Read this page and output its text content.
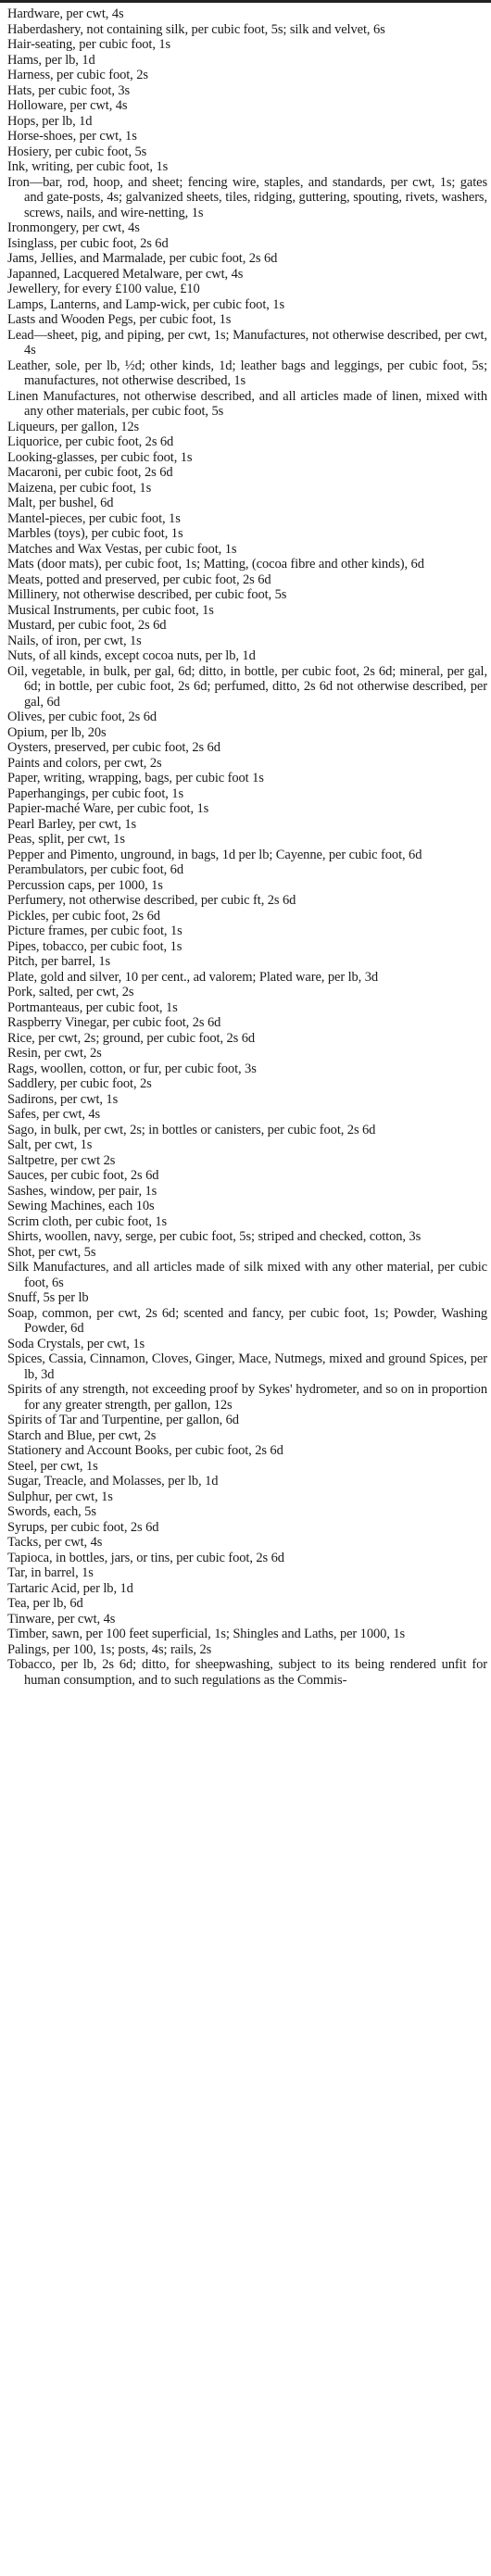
Hardware, per cwt, 4s
Haberdashery, not containing silk, per cubic foot, 5s; silk and velvet, 6s
Hair-seating, per cubic foot, 1s
Hams, per lb, 1d
Harness, per cubic foot, 2s
Hats, per cubic foot, 3s
Holloware, per cwt, 4s
Hops, per lb, 1d
Horse-shoes, per cwt, 1s
Hosiery, per cubic foot, 5s
Ink, writing, per cubic foot, 1s
Iron—bar, rod, hoop, and sheet; fencing wire, staples, and standards, per cwt, 1s; gates and gate-posts, 4s; galvanized sheets, tiles, ridging, guttering, spouting, rivets, washers, screws, nails, and wire-netting, 1s
Ironmongery, per cwt, 4s
Isinglass, per cubic foot, 2s 6d
Jams, Jellies, and Marmalade, per cubic foot, 2s 6d
Japanned, Lacquered Metalware, per cwt, 4s
Jewellery, for every £100 value, £10
Lamps, Lanterns, and Lamp-wick, per cubic foot, 1s
Lasts and Wooden Pegs, per cubic foot, 1s
Lead—sheet, pig, and piping, per cwt, 1s; Manufactures, not otherwise described, per cwt, 4s
Leather, sole, per lb, ½d; other kinds, 1d; leather bags and leggings, per cubic foot, 5s; manufactures, not otherwise described, 1s
Linen Manufactures, not otherwise described, and all articles made of linen, mixed with any other materials, per cubic foot, 5s
Liqueurs, per gallon, 12s
Liquorice, per cubic foot, 2s 6d
Looking-glasses, per cubic foot, 1s
Macaroni, per cubic foot, 2s 6d
Maizena, per cubic foot, 1s
Malt, per bushel, 6d
Mantel-pieces, per cubic foot, 1s
Marbles (toys), per cubic foot, 1s
Matches and Wax Vestas, per cubic foot, 1s
Mats (door mats), per cubic foot, 1s; Matting, (cocoa fibre and other kinds), 6d
Meats, potted and preserved, per cubic foot, 2s 6d
Millinery, not otherwise described, per cubic foot, 5s
Musical Instruments, per cubic foot, 1s
Mustard, per cubic foot, 2s 6d
Nails, of iron, per cwt, 1s
Nuts, of all kinds, except cocoa nuts, per lb, 1d
Oil, vegetable, in bulk, per gal, 6d; ditto, in bottle, per cubic foot, 2s 6d; mineral, per gal, 6d; in bottle, per cubic foot, 2s 6d; perfumed, ditto, 2s 6d not otherwise described, per gal, 6d
Olives, per cubic foot, 2s 6d
Opium, per lb, 20s
Oysters, preserved, per cubic foot, 2s 6d
Paints and colors, per cwt, 2s
Paper, writing, wrapping, bags, per cubic foot 1s
Paperhangings, per cubic foot, 1s
Papier-maché Ware, per cubic foot, 1s
Pearl Barley, per cwt, 1s
Peas, split, per cwt, 1s
Pepper and Pimento, unground, in bags, 1d per lb; Cayenne, per cubic foot, 6d
Perambulators, per cubic foot, 6d
Percussion caps, per 1000, 1s
Perfumery, not otherwise described, per cubic ft, 2s 6d
Pickles, per cubic foot, 2s 6d
Picture frames, per cubic foot, 1s
Pipes, tobacco, per cubic foot, 1s
Pitch, per barrel, 1s
Plate, gold and silver, 10 per cent., ad valorem; Plated ware, per lb, 3d
Pork, salted, per cwt, 2s
Portmanteaus, per cubic foot, 1s
Raspberry Vinegar, per cubic foot, 2s 6d
Rice, per cwt, 2s; ground, per cubic foot, 2s 6d
Resin, per cwt, 2s
Rags, woollen, cotton, or fur, per cubic foot, 3s
Saddlery, per cubic foot, 2s
Sadirons, per cwt, 1s
Safes, per cwt, 4s
Sago, in bulk, per cwt, 2s; in bottles or canisters, per cubic foot, 2s 6d
Salt, per cwt, 1s
Saltpetre, per cwt 2s
Sauces, per cubic foot, 2s 6d
Sashes, window, per pair, 1s
Sewing Machines, each 10s
Scrim cloth, per cubic foot, 1s
Shirts, woollen, navy, serge, per cubic foot, 5s; striped and checked, cotton, 3s
Shot, per cwt, 5s
Silk Manufactures, and all articles made of silk mixed with any other material, per cubic foot, 6s
Snuff, 5s per lb
Soap, common, per cwt, 2s 6d; scented and fancy, per cubic foot, 1s; Powder, Washing Powder, 6d
Soda Crystals, per cwt, 1s
Spices, Cassia, Cinnamon, Cloves, Ginger, Mace, Nutmegs, mixed and ground Spices, per lb, 3d
Spirits of any strength, not exceeding proof by Sykes' hydrometer, and so on in proportion for any greater strength, per gallon, 12s
Spirits of Tar and Turpentine, per gallon, 6d
Starch and Blue, per cwt, 2s
Stationery and Account Books, per cubic foot, 2s 6d
Steel, per cwt, 1s
Sugar, Treacle, and Molasses, per lb, 1d
Sulphur, per cwt, 1s
Swords, each, 5s
Syrups, per cubic foot, 2s 6d
Tacks, per cwt, 4s
Tapioca, in bottles, jars, or tins, per cubic foot, 2s 6d
Tar, in barrel, 1s
Tartaric Acid, per lb, 1d
Tea, per lb, 6d
Tinware, per cwt, 4s
Timber, sawn, per 100 feet superficial, 1s; Shingles and Laths, per 1000, 1s
Palings, per 100, 1s; posts, 4s; rails, 2s
Tobacco, per lb, 2s 6d; ditto, for sheepwashing, subject to its being rendered unfit for human consumption, and to such regulations as the Commis-
